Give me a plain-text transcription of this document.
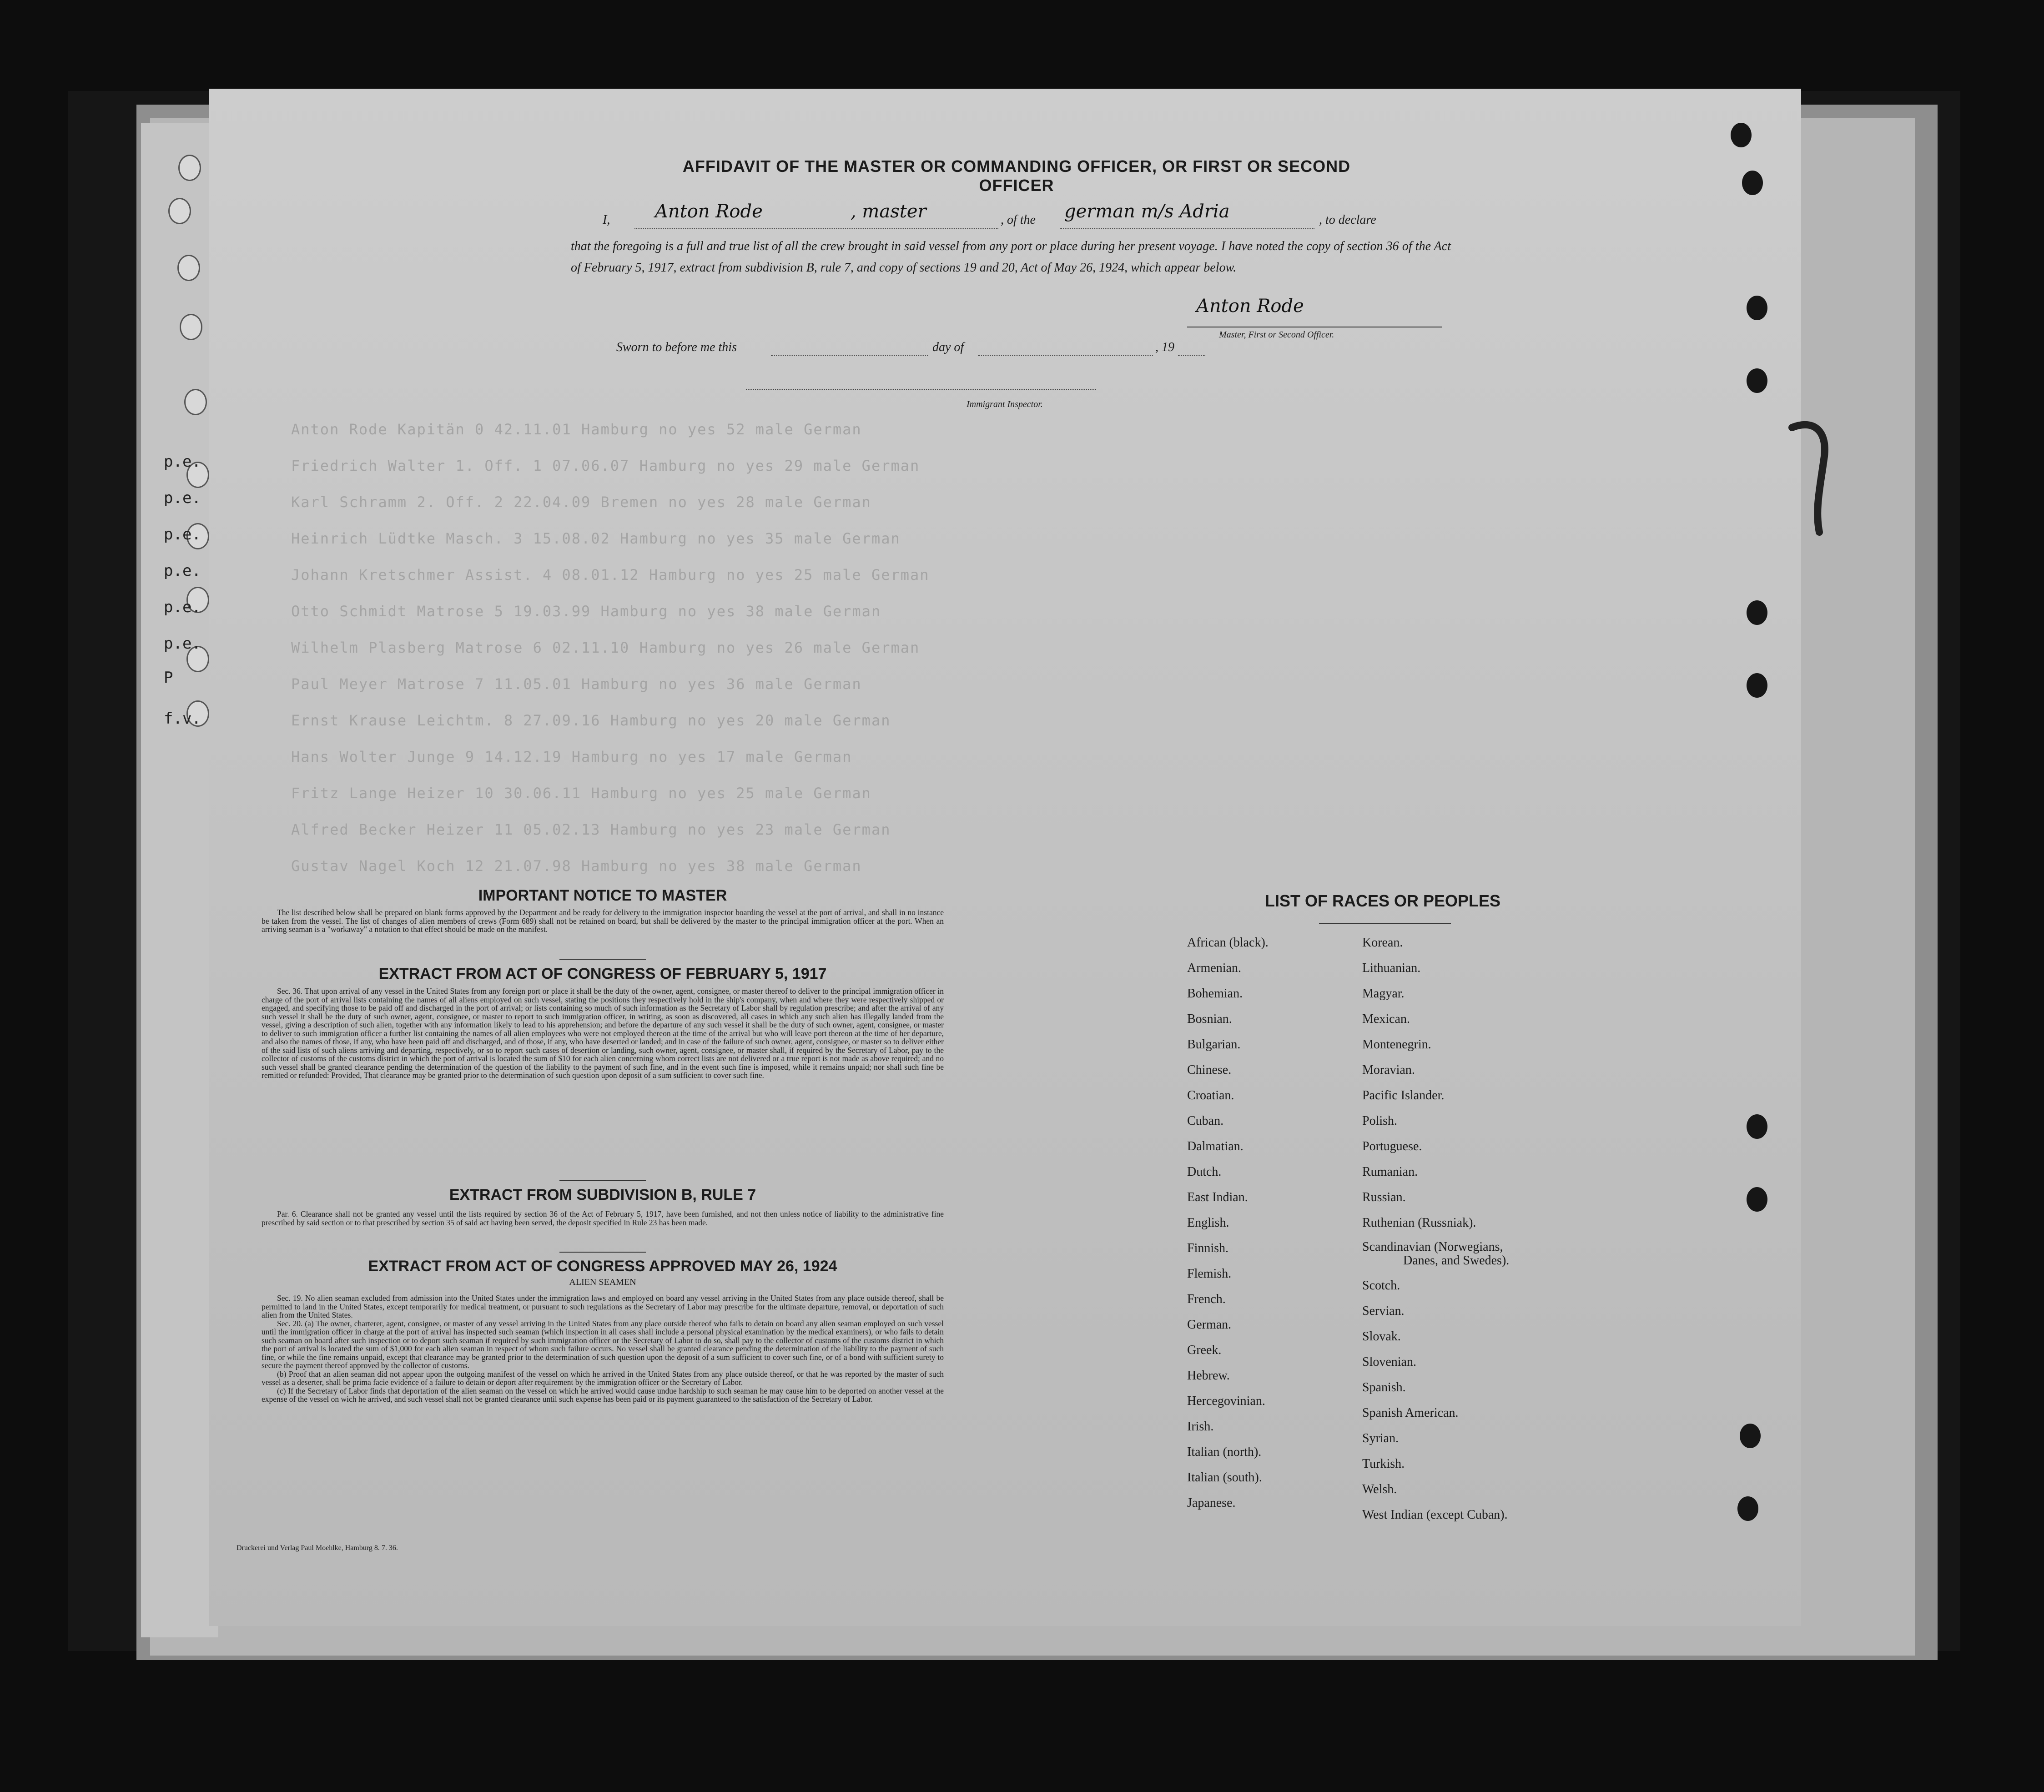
p.e.
p.e.
p.e.
p.e.
p.e.
p.e.
P
f.v.
Anton Rode Kapitän 0 42.11.01 Hamburg no yes 52 male German
Friedrich Walter 1. Off. 1 07.06.07 Hamburg no yes 29 male German
Karl Schramm 2. Off. 2 22.04.09 Bremen no yes 28 male German
Heinrich Lüdtke Masch. 3 15.08.02 Hamburg no yes 35 male German
Johann Kretschmer Assist. 4 08.01.12 Hamburg no yes 25 male German
Otto Schmidt Matrose 5 19.03.99 Hamburg no yes 38 male German
Wilhelm Plasberg Matrose 6 02.11.10 Hamburg no yes 26 male German
Paul Meyer Matrose 7 11.05.01 Hamburg no yes 36 male German
Ernst Krause Leichtm. 8 27.09.16 Hamburg no yes 20 male German
Hans Wolter Junge 9 14.12.19 Hamburg no yes 17 male German
Fritz Lange Heizer 10 30.06.11 Hamburg no yes 25 male German
Alfred Becker Heizer 11 05.02.13 Hamburg no yes 23 male German
Gustav Nagel Koch 12 21.07.98 Hamburg no yes 38 male German
AFFIDAVIT OF THE MASTER OR COMMANDING OFFICER, OR FIRST OR SECOND OFFICER
I, Anton Rode	, master	, of the german m/s Adria	, to declare
that the foregoing is a full and true list of all the crew brought in said vessel from any port or place during her present voyage. I have noted the copy of section 36 of the Act of February 5, 1917, extract from subdivision B, rule 7, and copy of sections 19 and 20, Act of May 26, 1924, which appear below.
Anton Rode
Sworn to before me this	day of	, 19
Master, First or Second Officer.
Immigrant Inspector.
IMPORTANT NOTICE TO MASTER

The list described below shall be prepared on blank forms approved by the Department and be ready for delivery to the immigration inspector boarding the vessel at the port of arrival, and shall in no instance be taken from the vessel. The list of changes of alien members of crews (Form 689) shall not be retained on board, but shall be delivered by the master to the principal immigration officer at the port. When an arriving seaman is a "workaway" a notation to that effect should be made on the manifest.

EXTRACT FROM ACT OF CONGRESS OF FEBRUARY 5, 1917

Sec. 36. That upon arrival of any vessel in the United States from any foreign port or place it shall be the duty of the owner, agent, consignee, or master thereof to deliver to the principal immigration officer in charge of the port of arrival lists containing the names of all aliens employed on such vessel, stating the positions they respectively hold in the ship's company, when and where they were respectively shipped or engaged, and specifying those to be paid off and discharged in the port of arrival; or lists containing so much of such information as the Secretary of Labor shall by regulation prescribe; and after the arrival of any such vessel it shall be the duty of such owner, agent, consignee, or master to report to such immigration officer, in writing, as soon as discovered, all cases in which any such alien has illegally landed from the vessel, giving a description of such alien, together with any information likely to lead to his apprehension; and before the departure of any such vessel it shall be the duty of such owner, agent, consignee, or master to deliver to such immigration officer a further list containing the names of all alien employees who were not employed thereon at the time of the arrival but who will leave port thereon at the time of her departure, and also the names of those, if any, who have been paid off and discharged, and of those, if any, who have deserted or landed; and in case of the failure of such owner, agent, consignee, or master so to deliver either of the said lists of such aliens arriving and departing, respectively, or so to report such cases of desertion or landing, such owner, agent, consignee, or master shall, if required by the Secretary of Labor, pay to the collector of customs of the customs district in which the port of arrival is located the sum of $10 for each alien concerning whom correct lists are not delivered or a true report is not made as above required; and no such vessel shall be granted clearance pending the determination of the question of the liability to the payment of such fine, and in the event such fine is imposed, while it remains unpaid; nor shall such fine be remitted or refunded: Provided, That clearance may be granted prior to the determination of such question upon deposit of a sum sufficient to cover such fine.

EXTRACT FROM SUBDIVISION B, RULE 7

Par. 6. Clearance shall not be granted any vessel until the lists required by section 36 of the Act of February 5, 1917, have been furnished, and not then unless notice of liability to the administrative fine prescribed by said section or to that prescribed by section 35 of said act having been served, the deposit specified in Rule 23 has been made.

EXTRACT FROM ACT OF CONGRESS APPROVED MAY 26, 1924
ALIEN SEAMEN

Sec. 19. No alien seaman excluded from admission into the United States under the immigration laws and employed on board any vessel arriving in the United States from any place outside thereof, shall be permitted to land in the United States, except temporarily for medical treatment, or pursuant to such regulations as the Secretary of Labor may prescribe for the ultimate departure, removal, or deportation of such alien from the United States.

Sec. 20. (a) The owner, charterer, agent, consignee, or master of any vessel arriving in the United States from any place outside thereof who fails to detain on board any alien seaman employed on such vessel until the immigration officer in charge at the port of arrival has inspected such seaman (which inspection in all cases shall include a personal physical examination by the medical examiners), or who fails to detain such seaman on board after such inspection or to deport such seaman if required by such immigration officer or the Secretary of Labor to do so, shall pay to the collector of customs of the customs district in which the port of arrival is located the sum of $1,000 for each alien seaman in respect of whom such failure occurs. No vessel shall be granted clearance pending the determination of the liability to the payment of such fine, or while the fine remains unpaid, except that clearance may be granted prior to the determination of such question upon the deposit of a sum sufficient to cover such fine, or of a bond with sufficient surety to secure the payment thereof approved by the collector of customs.

(b) Proof that an alien seaman did not appear upon the outgoing manifest of the vessel on which he arrived in the United States from any place outside thereof, or that he was reported by the master of such vessel as a deserter, shall be prima facie evidence of a failure to detain or deport after requirement by the immigration officer or the Secretary of Labor.

(c) If the Secretary of Labor finds that deportation of the alien seaman on the vessel on which he arrived would cause undue hardship to such seaman he may cause him to be deported on another vessel at the expense of the vessel on wich he arrived, and such vessel shall not be granted clearance until such expense has been paid or its payment guaranteed to the satisfaction of the Secretary of Labor.

LIST OF RACES OR PEOPLES
African (black).
Armenian.
Bohemian.
Bosnian.
Bulgarian.
Chinese.
Croatian.
Cuban.
Dalmatian.
Dutch.
East Indian.
English.
Finnish.
Flemish.
French.
German.
Greek.
Hebrew.
Hercegovinian.
Irish.
Italian (north).
Italian (south).
Japanese.
Korean.
Lithuanian.
Magyar.
Mexican.
Montenegrin.
Moravian.
Pacific Islander.
Polish.
Portuguese.
Rumanian.
Russian.
Ruthenian (Russniak).
Scandinavian (Norwegians,
Danes, and Swedes).
Scotch.
Servian.
Slovak.
Slovenian.
Spanish.
Spanish American.
Syrian.
Turkish.
Welsh.
West Indian (except Cuban).
Druckerei und Verlag Paul Moehlke, Hamburg 8. 7. 36.
